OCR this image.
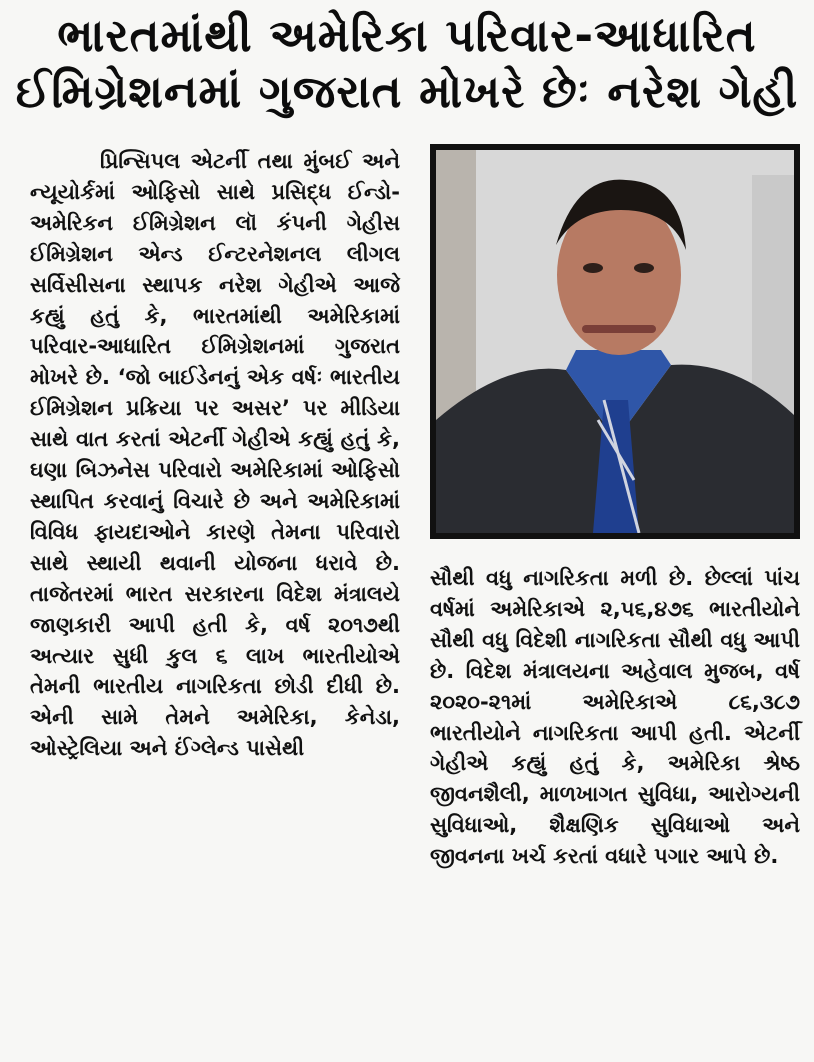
ભારતમાંથી અમેરિકા પરિવાર-આધારિત
ઈમિગ્રેશનમાં ગુજરાત મોખરે છેઃ નરેશ ગેહી
પ્રિન્સિપલ એટર્ની તથા મુંબઈ અને ન્યૂયોર્કમાં ઓફિસો સાથે પ્રસિદ્ધ ઈન્ડો-અમેરિકન ઈમિગ્રેશન લૉ કંપની ગેહીસ ઈમિગ્રેશન એન્ડ ઈન્ટરનેશનલ લીગલ સર્વિસીસના સ્થાપક નરેશ ગેહીએ આજે કહ્યું હતું કે, ભારતમાંથી અમેરિકામાં પરિવાર-આધારિત ઈમિગ્રેશનમાં ગુજરાત મોખરે છે. ‘જો બાઈડેનનું એક વર્ષઃ ભારતીય ઈમિગ્રેશન પ્રક્રિયા પર અસર’ પર મીડિયા સાથે વાત કરતાં એટર્ની ગેહીએ કહ્યું હતું કે, ઘણા બિઝનેસ પરિવારો અમેરિકામાં ઓફિસો સ્થાપિત કરવાનું વિચારે છે અને અમેરિકામાં વિવિધ ફાયદાઓને કારણે તેમના પરિવારો સાથે સ્થાયી થવાની યોજના ધરાવે છે. તાજેતરમાં ભારત સરકારના વિદેશ મંત્રાલયે જાણકારી આપી હતી કે, વર્ષ ૨૦૧૭થી અત્યાર સુધી કુલ ૬ લાખ ભારતીયોએ તેમની ભારતીય નાગરિકતા છોડી દીધી છે. એની સામે તેમને અમેરિકા, કેનેડા, ઓસ્ટ્રેલિયા અને ઈંગ્લેન્ડ પાસેથી
સૌથી વધુ નાગરિકતા મળી છે. છેલ્લાં પાંચ વર્ષમાં અમેરિકાએ ૨,૫૬,૪૭૬ ભારતીયોને સૌથી વધુ વિદેશી નાગરિકતા સૌથી વધુ આપી છે. વિદેશ મંત્રાલયના અહેવાલ મુજબ, વર્ષ ૨૦૨૦-૨૧માં અમેરિકાએ ૮૬,૩૮૭ ભારતીયોને નાગરિકતા આપી હતી. એટર્ની ગેહીએ કહ્યું હતું કે, અમેરિકા શ્રેષ્ઠ જીવનશૈલી, માળખાગત સુવિધા, આરોગ્યની સુવિધાઓ, શૈક્ષણિક સુવિધાઓ અને જીવનના ખર્ચ કરતાં વધારે પગાર આપે છે.
